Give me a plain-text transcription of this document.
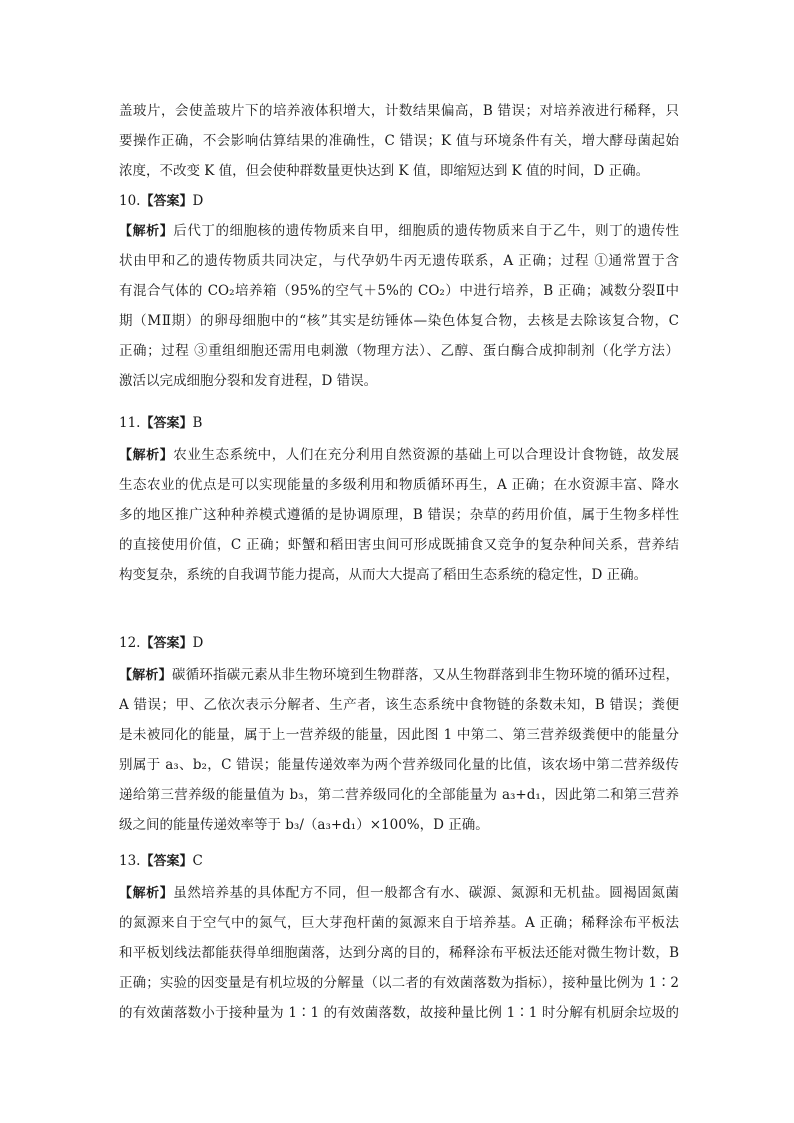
盖玻片，会使盖玻片下的培养液体积增大，计数结果偏高，B 错误；对培养液进行稀释，只
要操作正确，不会影响估算结果的准确性，C 错误；K 值与环境条件有关，增大酵母菌起始
浓度，不改变 K 值，但会使种群数量更快达到 K 值，即缩短达到 K 值的时间，D 正确。
10.【答案】D
【解析】后代丁的细胞核的遗传物质来自甲，细胞质的遗传物质来自于乙牛，则丁的遗传性
状由甲和乙的遗传物质共同决定，与代孕奶牛丙无遗传联系，A 正确；过程 ①通常置于含
有混合气体的 CO₂培养箱（95%的空气＋5%的 CO₂）中进行培养，B 正确；减数分裂Ⅱ中
期（MⅡ期）的卵母细胞中的“核”其实是纺锤体—染色体复合物，去核是去除该复合物，C
正确；过程 ③重组细胞还需用电刺激（物理方法）、乙醇、蛋白酶合成抑制剂（化学方法）
激活以完成细胞分裂和发育进程，D 错误。
11.【答案】B
【解析】农业生态系统中，人们在充分利用自然资源的基础上可以合理设计食物链，故发展
生态农业的优点是可以实现能量的多级利用和物质循环再生，A 正确；在水资源丰富、降水
多的地区推广这种种养模式遵循的是协调原理，B 错误；杂草的药用价值，属于生物多样性
的直接使用价值，C 正确；虾蟹和稻田害虫间可形成既捕食又竞争的复杂种间关系，营养结
构变复杂，系统的自我调节能力提高，从而大大提高了稻田生态系统的稳定性，D 正确。
12.【答案】D
【解析】碳循环指碳元素从非生物环境到生物群落，又从生物群落到非生物环境的循环过程，
A 错误；甲、乙依次表示分解者、生产者，该生态系统中食物链的条数未知，B 错误；粪便
是未被同化的能量，属于上一营养级的能量，因此图 1 中第二、第三营养级粪便中的能量分
别属于 a₃、b₂，C 错误；能量传递效率为两个营养级同化量的比值，该农场中第二营养级传
递给第三营养级的能量值为 b₃，第二营养级同化的全部能量为 a₃+d₁，因此第二和第三营养
级之间的能量传递效率等于 b₃/（a₃+d₁）×100%，D 正确。
13.【答案】C
【解析】虽然培养基的具体配方不同，但一般都含有水、碳源、氮源和无机盐。圆褐固氮菌
的氮源来自于空气中的氮气，巨大芽孢杆菌的氮源来自于培养基。A 正确；稀释涂布平板法
和平板划线法都能获得单细胞菌落，达到分离的目的，稀释涂布平板法还能对微生物计数，B
正确；实验的因变量是有机垃圾的分解量（以二者的有效菌落数为指标），接种量比例为 1∶2
的有效菌落数小于接种量为 1∶1 的有效菌落数，故接种量比例 1∶1 时分解有机厨余垃圾的
